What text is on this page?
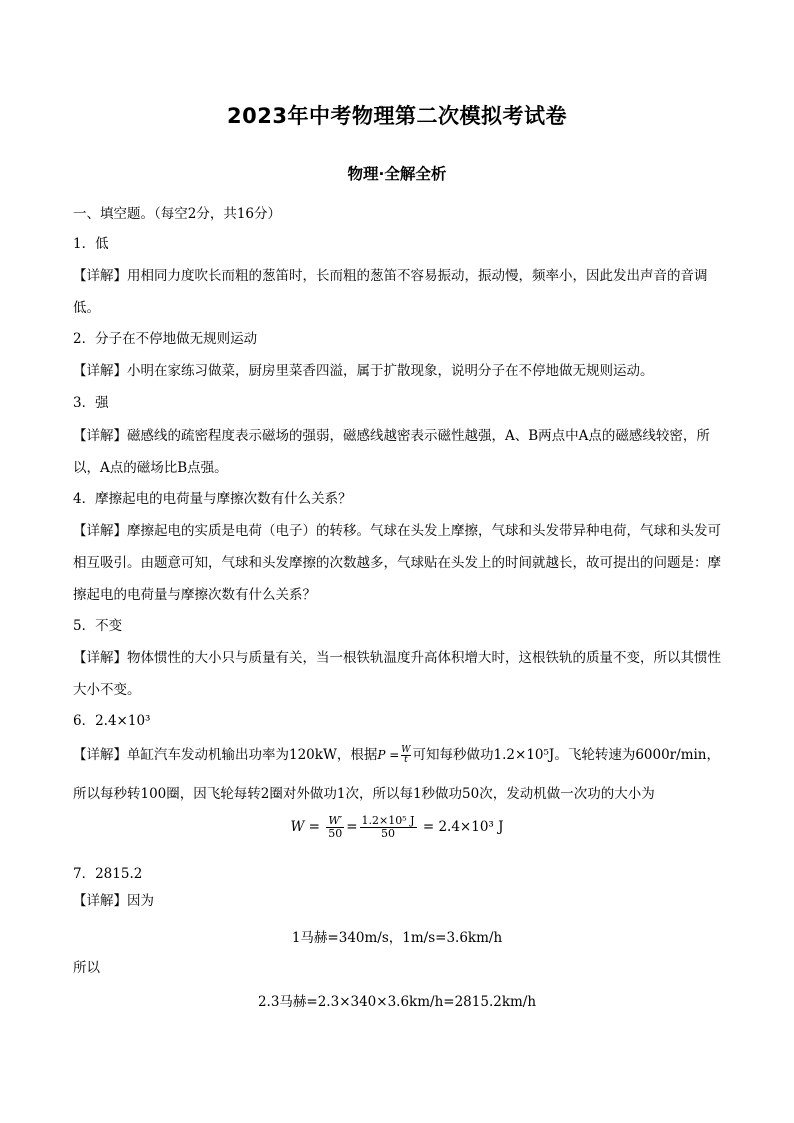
2023年中考物理第二次模拟考试卷
物理·全解全析
一、填空题。（每空2分，共16分）
1．低
【详解】用相同力度吹长而粗的葱笛时，长而粗的葱笛不容易振动，振动慢，频率小，因此发出声音的音调低。
2．分子在不停地做无规则运动
【详解】小明在家练习做菜，厨房里菜香四溢，属于扩散现象，说明分子在不停地做无规则运动。
3．强
【详解】磁感线的疏密程度表示磁场的强弱，磁感线越密表示磁性越强，A、B两点中A点的磁感线较密，所以，A点的磁场比B点强。
4．摩擦起电的电荷量与摩擦次数有什么关系？
【详解】摩擦起电的实质是电荷（电子）的转移。气球在头发上摩擦，气球和头发带异种电荷，气球和头发可相互吸引。由题意可知，气球和头发摩擦的次数越多，气球贴在头发上的时间就越长，故可提出的问题是：摩擦起电的电荷量与摩擦次数有什么关系？
5．不变
【详解】物体惯性的大小只与质量有关，当一根铁轨温度升高体积增大时，这根铁轨的质量不变，所以其惯性大小不变。
6．2.4×10³
【详解】单缸汽车发动机输出功率为120kW，根据$P = \frac{W}{t}$ 可知每秒做功1.2×10⁵J。飞轮转速为6000r/min，
所以每秒转100圈，因飞轮每转2圈对外做功1次，所以每1秒做功50次，发动机做一次功的大小为
$W = \frac{W'}{50} = \frac{\text{1.2×10⁵ J}}{50} = 2.4\times 10^3$ J
7．2815.2
【详解】因为
1马赫=340m/s，1m/s=3.6km/h
所以
2.3马赫=2.3×340×3.6km/h=2815.2km/h
